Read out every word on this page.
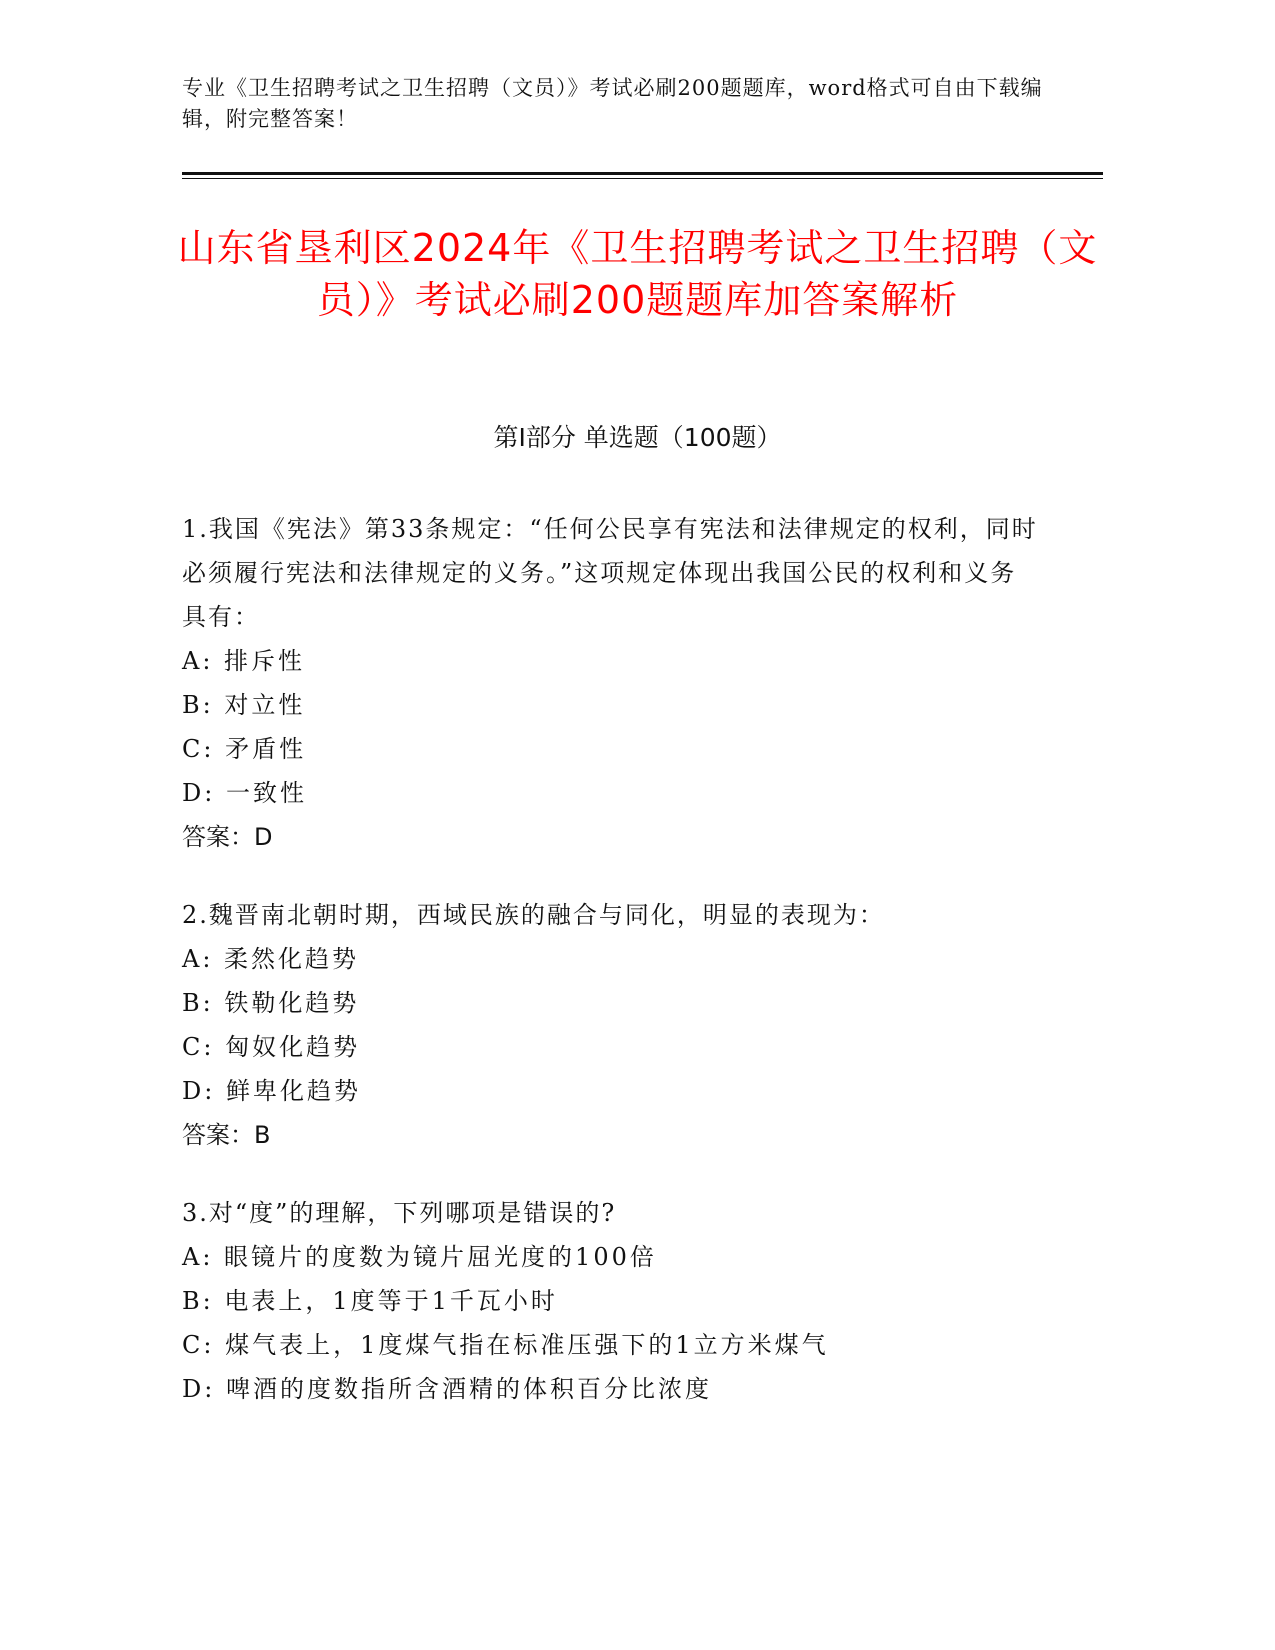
专业《卫生招聘考试之卫生招聘（文员）》考试必刷200题题库，word格式可自由下载编辑，附完整答案！
山东省垦利区2024年《卫生招聘考试之卫生招聘（文员）》考试必刷200题题库加答案解析
第I部分 单选题（100题）
1.我国《宪法》第33条规定：“任何公民享有宪法和法律规定的权利，同时必须履行宪法和法律规定的义务。”这项规定体现出我国公民的权利和义务具有：
A: 排斥性
B: 对立性
C: 矛盾性
D: 一致性
答案：D
2.魏晋南北朝时期，西域民族的融合与同化，明显的表现为：
A: 柔然化趋势
B: 铁勒化趋势
C: 匈奴化趋势
D: 鲜卑化趋势
答案：B
3.对“度”的理解，下列哪项是错误的?
A: 眼镜片的度数为镜片屈光度的100倍
B: 电表上，1度等于1千瓦小时
C: 煤气表上，1度煤气指在标准压强下的1立方米煤气
D: 啤酒的度数指所含酒精的体积百分比浓度
